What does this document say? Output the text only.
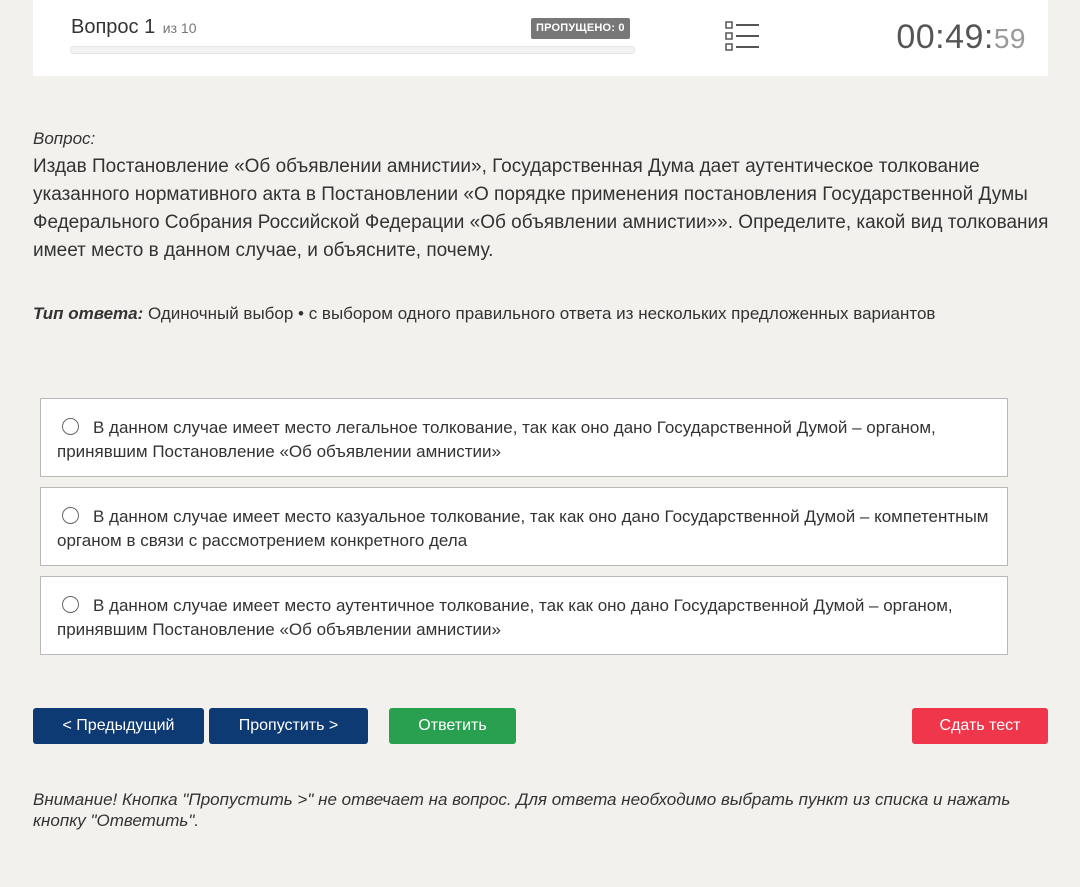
Вопрос 1 из 10	ПРОПУЩЕНО: 0	00:49:59
Вопрос:
Издав Постановление «Об объявлении амнистии», Государственная Дума дает аутентическое толкование указанного нормативного акта в Постановлении «О порядке применения постановления Государственной Думы Федерального Собрания Российской Федерации «Об объявлении амнистии»». Определите, какой вид толкования имеет место в данном случае, и объясните, почему.
Тип ответа: Одиночный выбор • с выбором одного правильного ответа из нескольких предложенных вариантов
В данном случае имеет место легальное толкование, так как оно дано Государственной Думой – органом, принявшим Постановление «Об объявлении амнистии»
В данном случае имеет место казуальное толкование, так как оно дано Государственной Думой – компетентным органом в связи с рассмотрением конкретного дела
В данном случае имеет место аутентичное толкование, так как оно дано Государственной Думой – органом, принявшим Постановление «Об объявлении амнистии»
< Предыдущий	Пропустить >	Ответить	Сдать тест
Внимание! Кнопка "Пропустить >" не отвечает на вопрос. Для ответа необходимо выбрать пункт из списка и нажать кнопку "Ответить".
